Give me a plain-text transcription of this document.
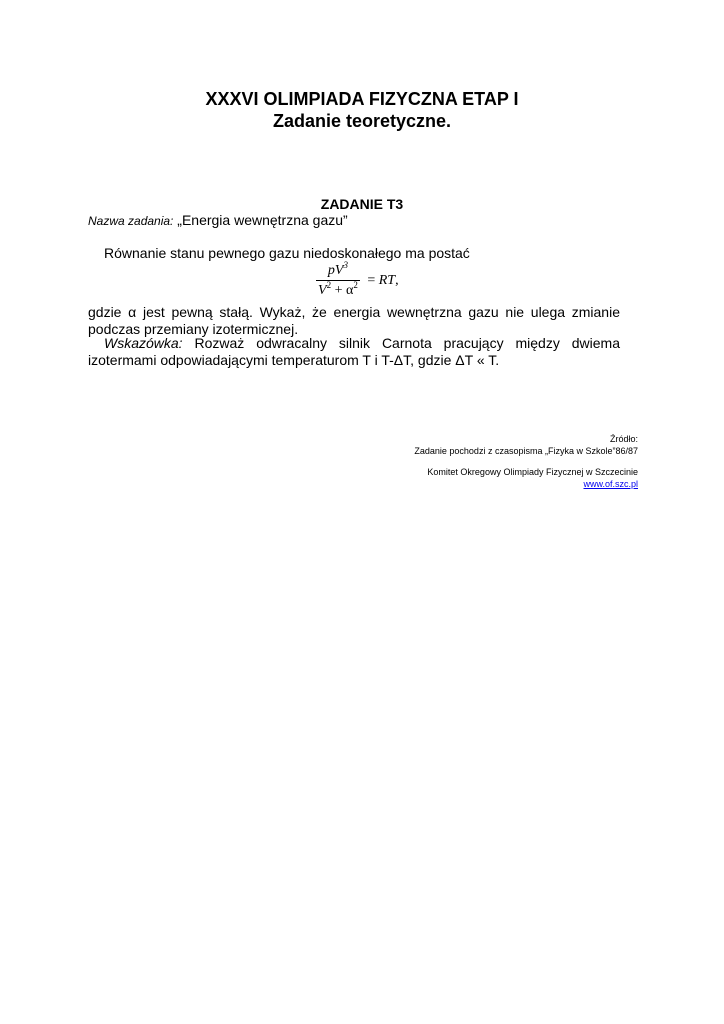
XXXVI OLIMPIADA FIZYCZNA ETAP I
Zadanie teoretyczne.
ZADANIE T3
Nazwa zadania: „Energia wewnętrzna gazu”
Równanie stanu pewnego gazu niedoskonałego ma postać
$\frac{pV^3}{V^2 + \alpha^2}$ = RT,
gdzie α jest pewną stałą. Wykaż, że energia wewnętrzna gazu nie ulega zmianie podczas przemiany izotermicznej.
Wskazówka: Rozważ odwracalny silnik Carnota pracujący między dwiema izotermami odpowiadającymi temperaturom T i T-ΔT, gdzie ΔT « T.
Źródło:
Zadanie pochodzi z czasopisma „Fizyka w Szkole”86/87
Komitet Okregowy Olimpiady Fizycznej w Szczecinie
www.of.szc.pl
